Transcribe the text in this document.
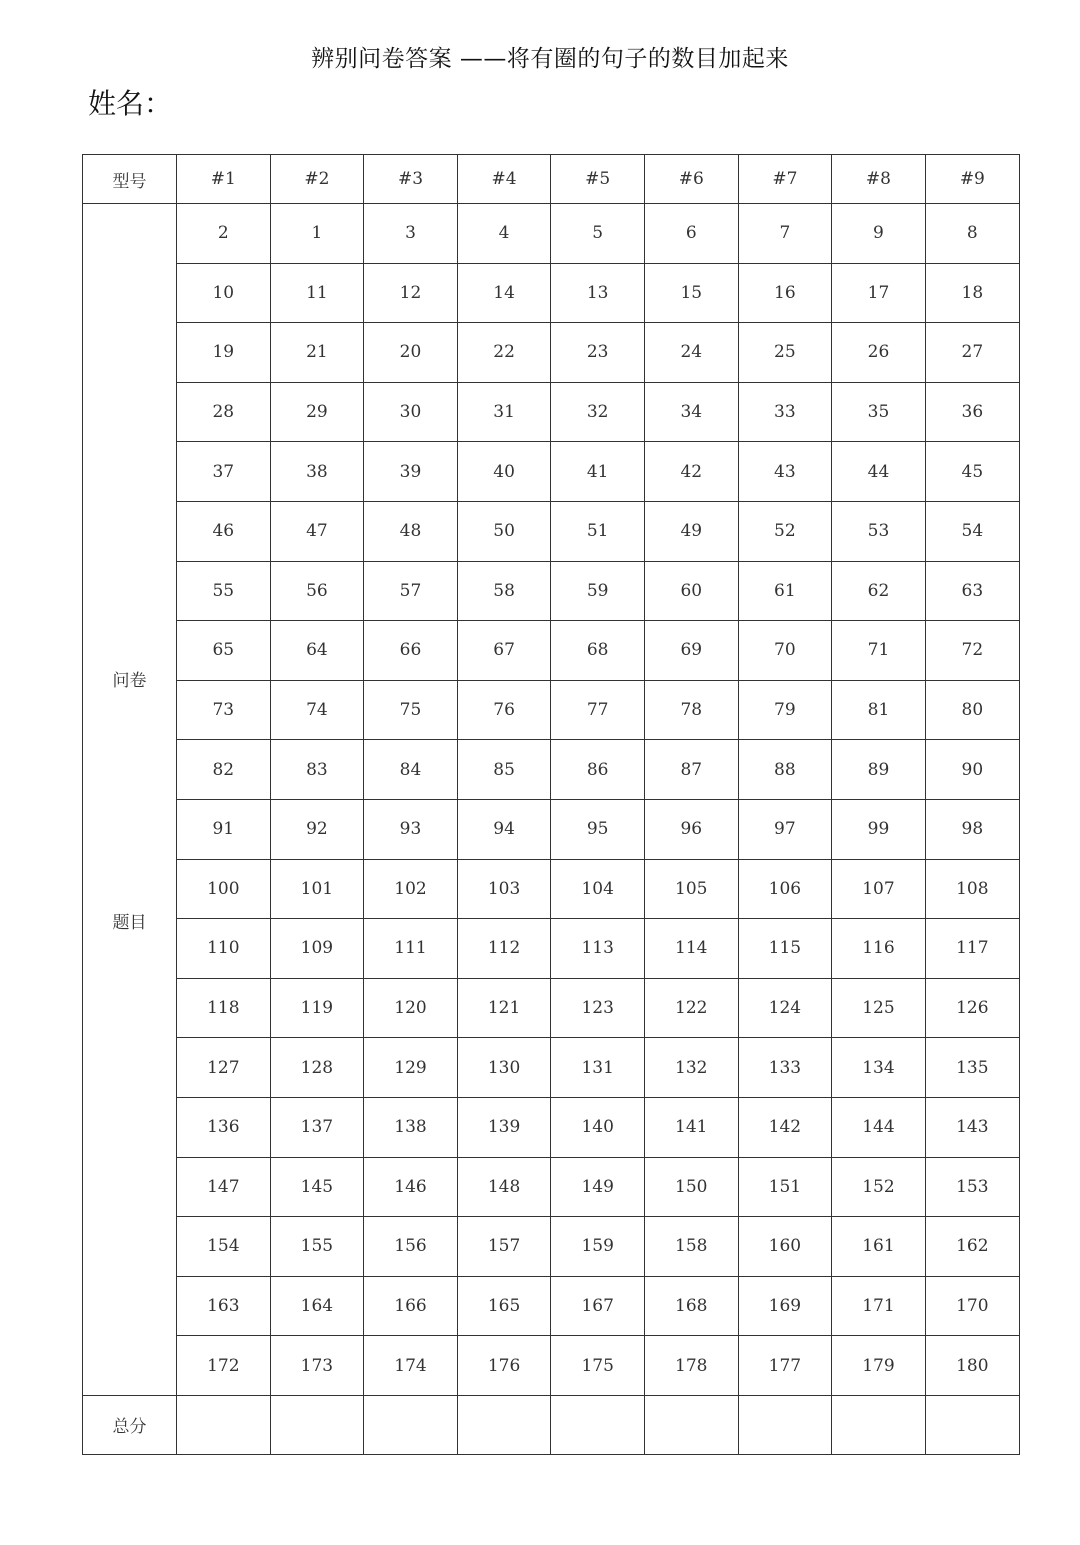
辨别问卷答案 ——将有圈的句子的数目加起来
姓名：
型号	#1	#2	#3	#4	#5	#6	#7	#8	#9

问卷
题目	2	1	3	4	5	6	7	9	8
	10	11	12	14	13	15	16	17	18
	19	21	20	22	23	24	25	26	27
	28	29	30	31	32	34	33	35	36
	37	38	39	40	41	42	43	44	45
	46	47	48	50	51	49	52	53	54
	55	56	57	58	59	60	61	62	63
	65	64	66	67	68	69	70	71	72
	73	74	75	76	77	78	79	81	80
	82	83	84	85	86	87	88	89	90
	91	92	93	94	95	96	97	99	98
	100	101	102	103	104	105	106	107	108
	110	109	111	112	113	114	115	116	117
	118	119	120	121	123	122	124	125	126
	127	128	129	130	131	132	133	134	135
	136	137	138	139	140	141	142	144	143
	147	145	146	148	149	150	151	152	153
	154	155	156	157	159	158	160	161	162
	163	164	166	165	167	168	169	171	170
	172	173	174	176	175	178	177	179	180
总分									
